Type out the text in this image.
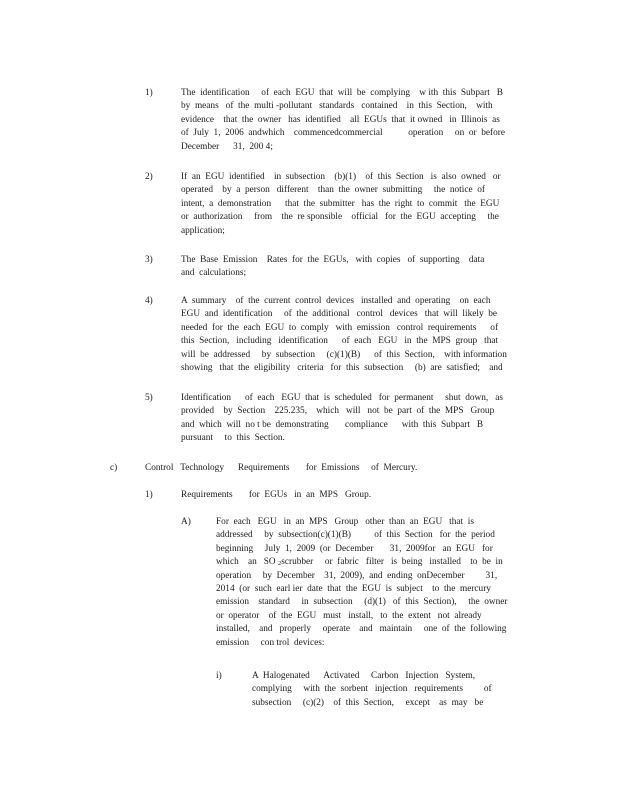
1)	The  identification     of  each  EGU  that  will  be  complying    w ith  this  Subpart   B
by  means   of  the  multi -pollutant   standards   contained    in  this  Section,    with
evidence    that  the  owner   has  identified    all  EGUs  that  it owned   in  Illinois  as
of  July  1,  2006  andwhich    commencedcommercial           operation     on  or  before
December      31,  200 4;
2)	If  an  EGU  identified    in  subsection    (b)(1)    of  this  Section   is  also  owned   or
operated    by  a  person   different    than  the  owner  submitting     the  notice  of
intent,  a  demonstration      that  the  submitter   has  the  right  to  commit   the  EGU
or  authorization     from    the  re sponsible    official   for  the  EGU  accepting     the
application;
3)	The  Base  Emission    Rates  for  the  EGUs,   with  copies   of  supporting    data
and  calculations;
4)	A  summary    of  the  current  control  devices   installed  and  operating    on  each
EGU  and  identification     of  the  additional   control   devices   that  will  likely  be
needed  for  the  each  EGU  to  comply   with  emission   control  requirements      of
this  Section,   including   identification      of  each   EGU   in  the  MPS  group   that
will  be  addressed     by  subsection     (c)(1)(B)      of  this  Section,    with information
showing   that  the  eligibility   criteria   for  this  subsection     (b)  are  satisfied;    and
5)	Identification      of  each   EGU  that  is  scheduled   for  permanent     shut  down,   as
provided    by  Section    225.235,    which   will   not  be  part  of  the  MPS   Group
and  which  will  no t be  demonstrating       compliance      with  this  Subpart   B
pursuant     to  this  Section.
c)	Control   Technology      Requirements       for  Emissions     of  Mercury.
1)	Requirements       for  EGUs   in  an  MPS   Group.
A)	For  each   EGU   in  an  MPS   Group   other  than  an  EGU   that  is
addressed     by  subsection(c)(1)(B)          of  this  Section   for  the  period
beginning     July  1,  2009  (or  December       31,  2009for   an  EGU   for
which    an   SO $_2$scrubber     or  fabric   filter   is  being   installed    to  be  in
operation     by  December    31,  2009),  and  ending  onDecember         31,
2014  (or  such  earl ier  date  that  the  EGU  is  subject    to  the  mercury
emission    standard     in  subsection     (d)(1)   of  this  Section),     the  owner
or  operator    of  the  EGU   must   install,   to  the  extent   not  already
installed,    and   properly     operate    and   maintain     one  of  the  following
emission     con trol  devices:
i)	A  Halogenated      Activated     Carbon   Injection   System,
complying     with  the  sorbent   injection   requirements         of
subsection     (c)(2)    of  this  Section,     except    as  may   be
